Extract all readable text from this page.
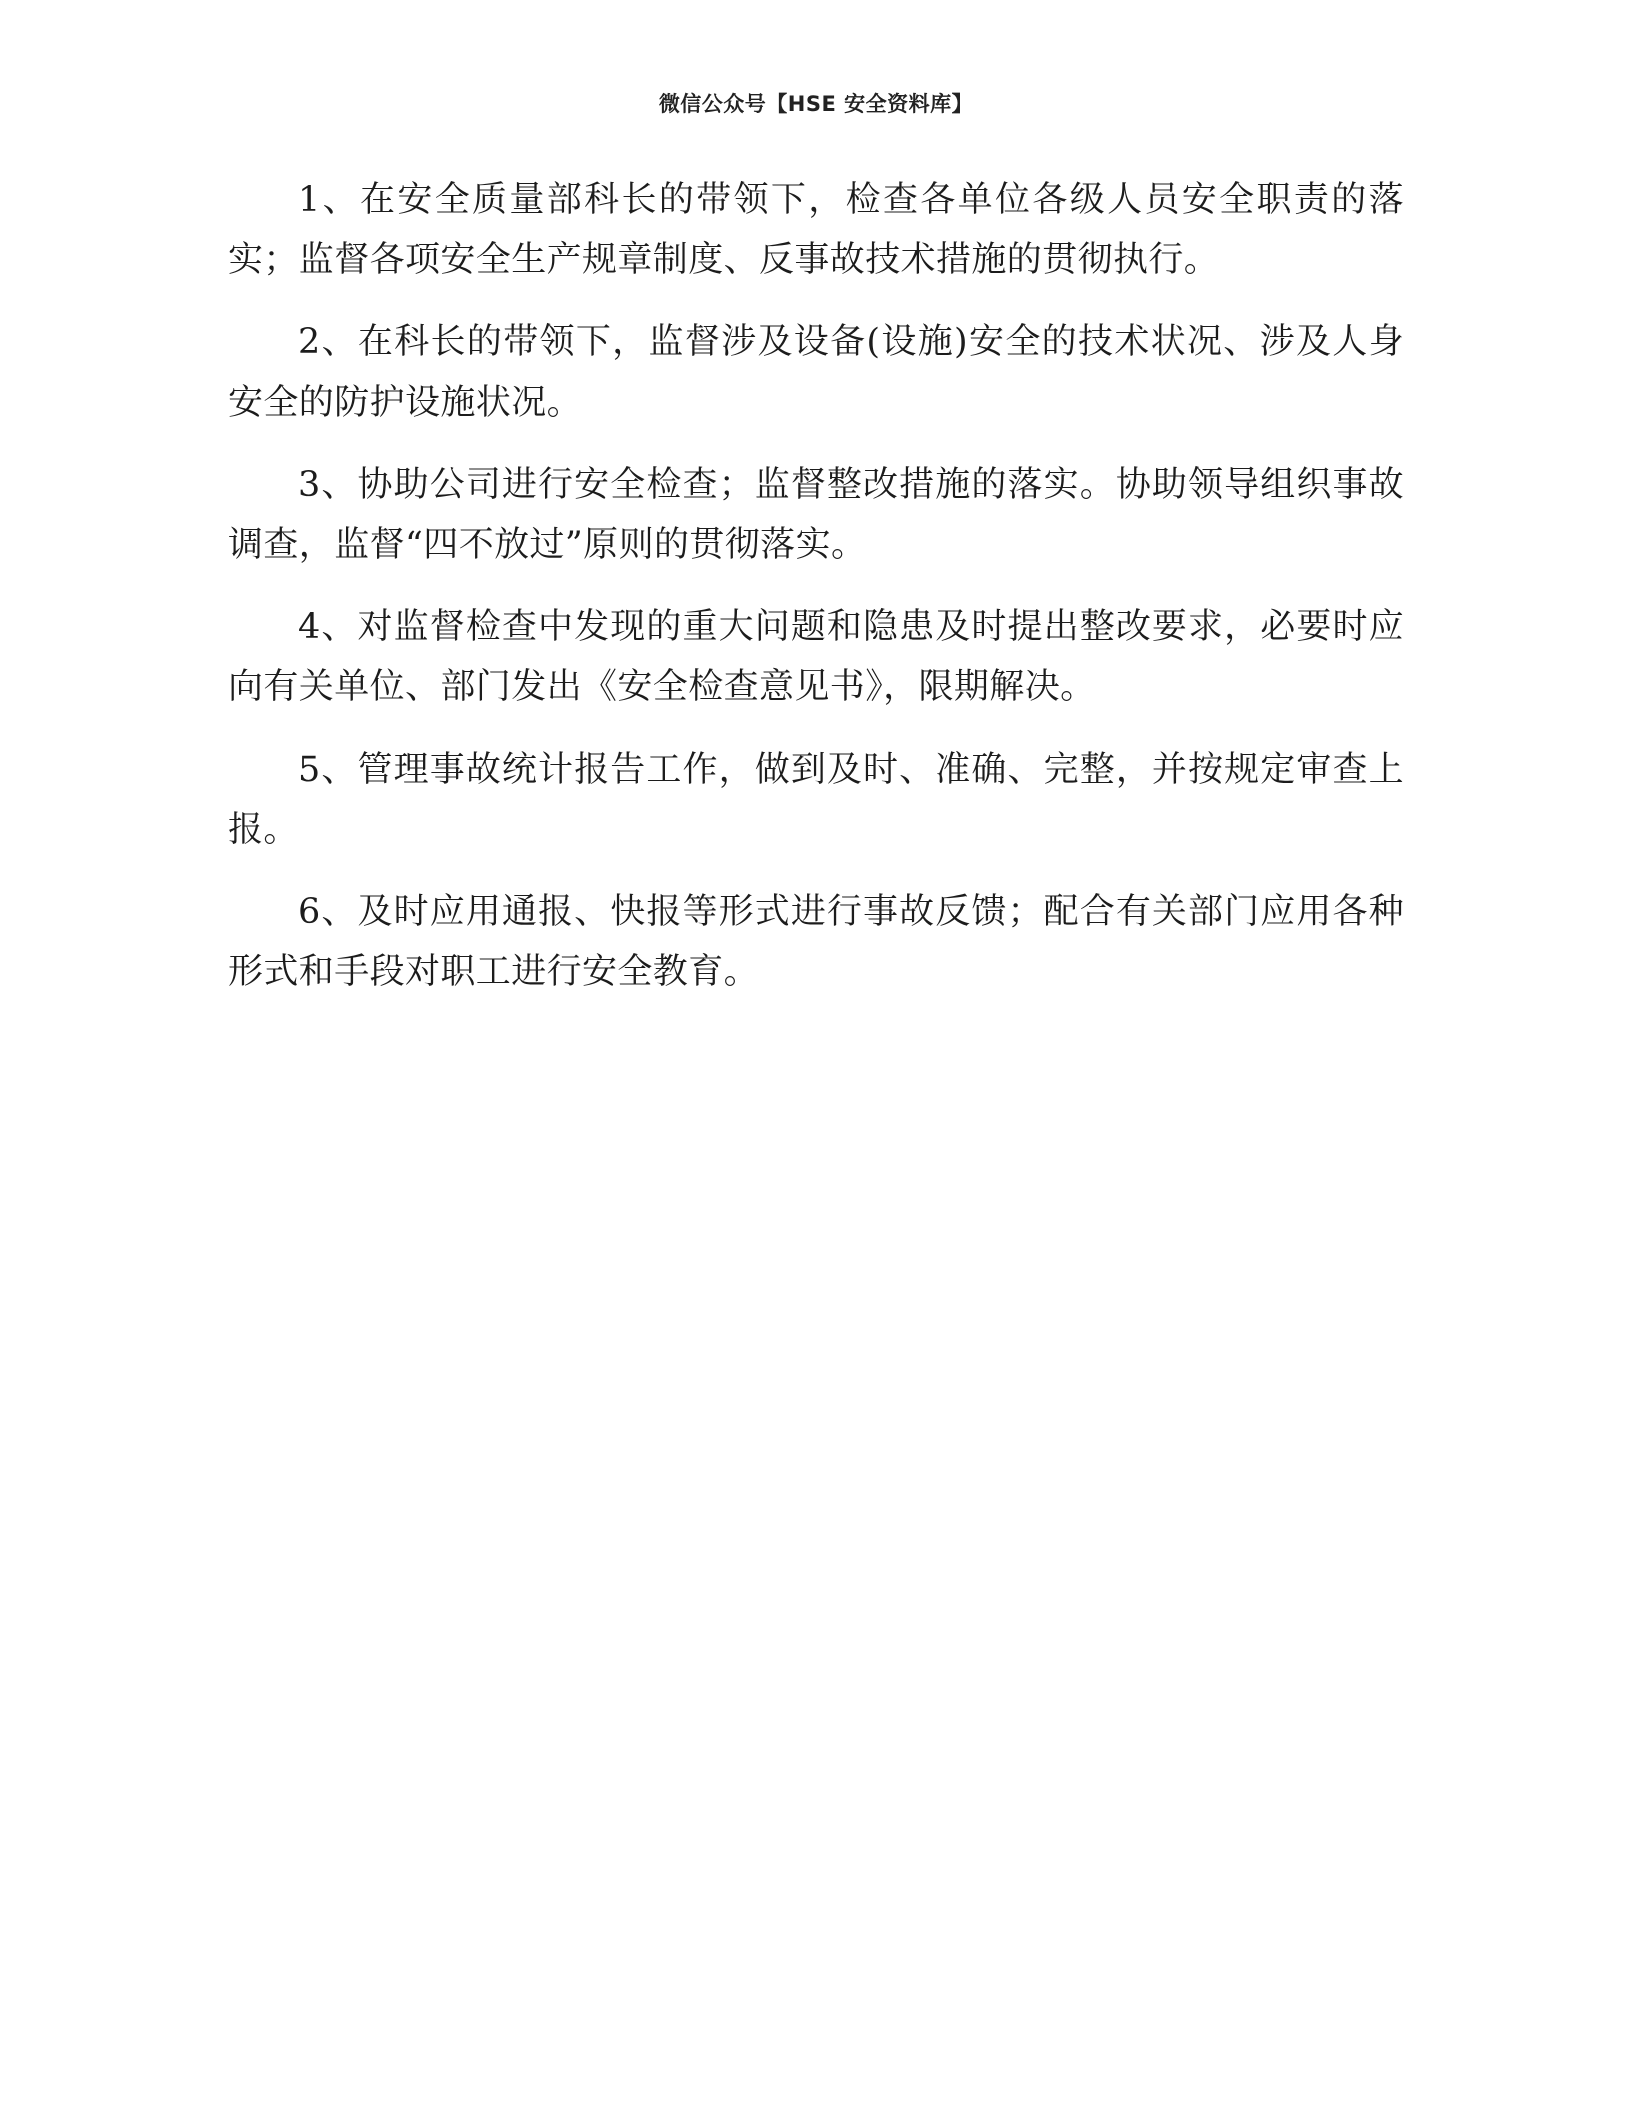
微信公众号【HSE 安全资料库】

1、在安全质量部科长的带领下，检查各单位各级人员安全职责的落实；监督各项安全生产规章制度、反事故技术措施的贯彻执行。

2、在科长的带领下，监督涉及设备(设施)安全的技术状况、涉及人身安全的防护设施状况。

3、协助公司进行安全检查；监督整改措施的落实。协助领导组织事故调查，监督“四不放过”原则的贯彻落实。

4、对监督检查中发现的重大问题和隐患及时提出整改要求，必要时应向有关单位、部门发出《安全检查意见书》，限期解决。

5、管理事故统计报告工作，做到及时、准确、完整，并按规定审查上报。

6、及时应用通报、快报等形式进行事故反馈；配合有关部门应用各种形式和手段对职工进行安全教育。
